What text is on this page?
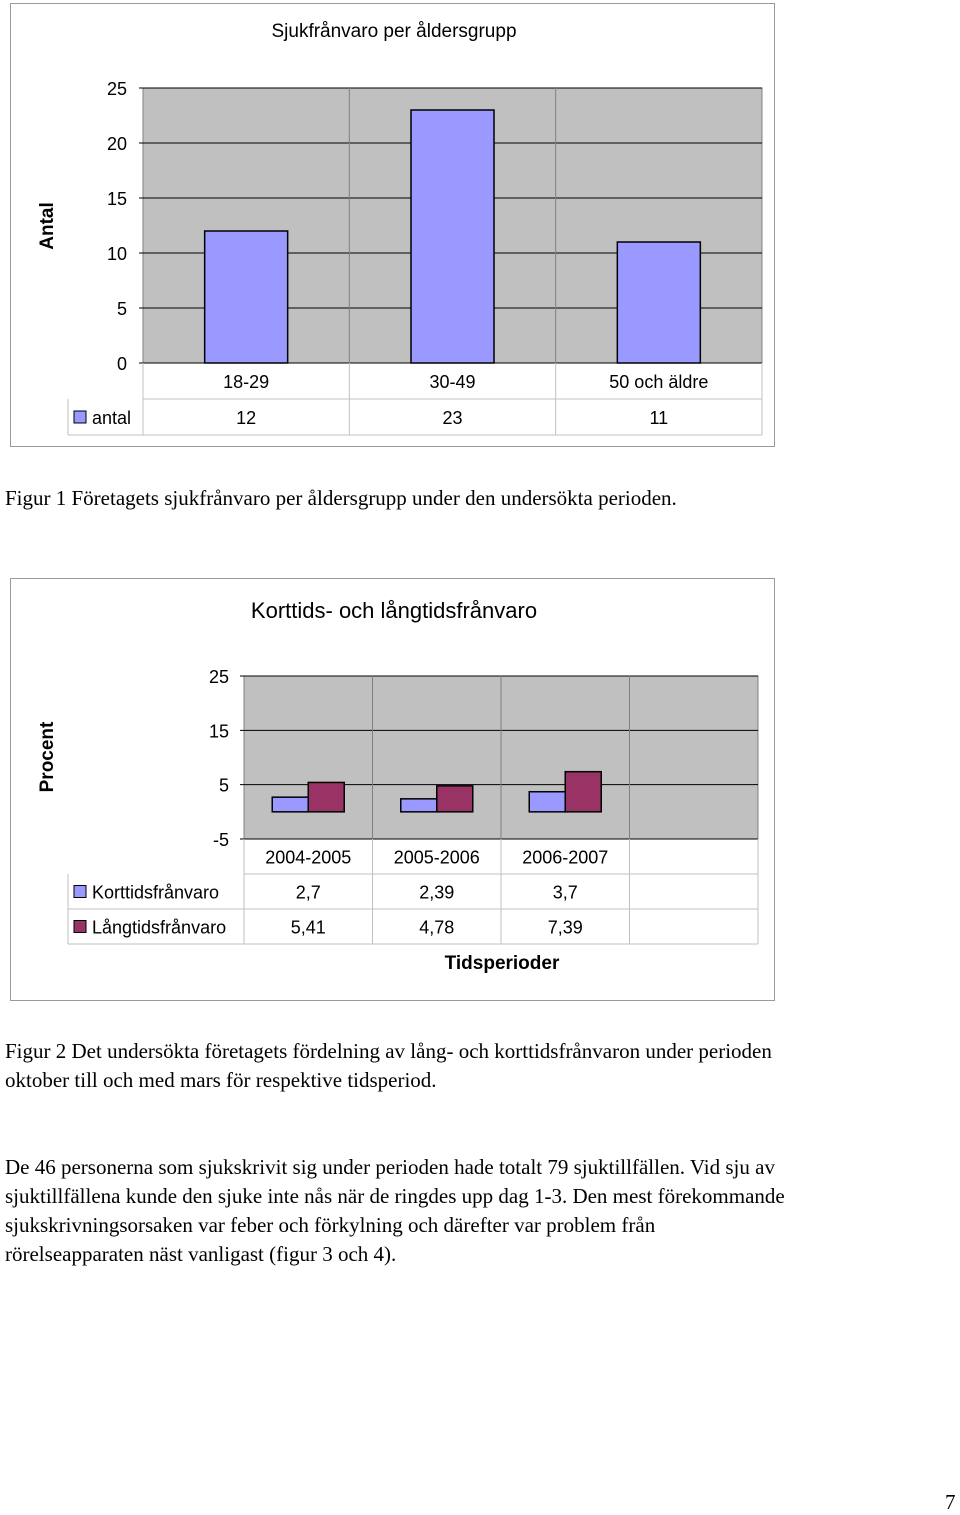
Sjukfrånvaro per åldersgrupp
Antal
0
5
10
15
20
25
18-29	30-49	50 och äldre
antal	12	23	11

Figur 1 Företagets sjukfrånvaro per åldersgrupp under den undersökta perioden.

Korttids- och långtidsfrånvaro
Procent
-5
5
15
25
2004-2005 2005-2006 2006-2007
Korttidsfrånvaro	2,7	2,39	3,7
Långtidsfrånvaro	5,41	4,78	7,39
Tidsperioder

Figur 2 Det undersökta företagets fördelning av lång- och korttidsfrånvaron under perioden

oktober till och med mars för respektive tidsperiod.

De 46 personerna som sjukskrivit sig under perioden hade totalt 79 sjuktillfällen. Vid sju av

sjuktillfällena kunde den sjuke inte nås när de ringdes upp dag 1-3. Den mest förekommande

sjukskrivningsorsaken var feber och förkylning och därefter var problem från

rörelseapparaten näst vanligast (figur 3 och 4).

7
